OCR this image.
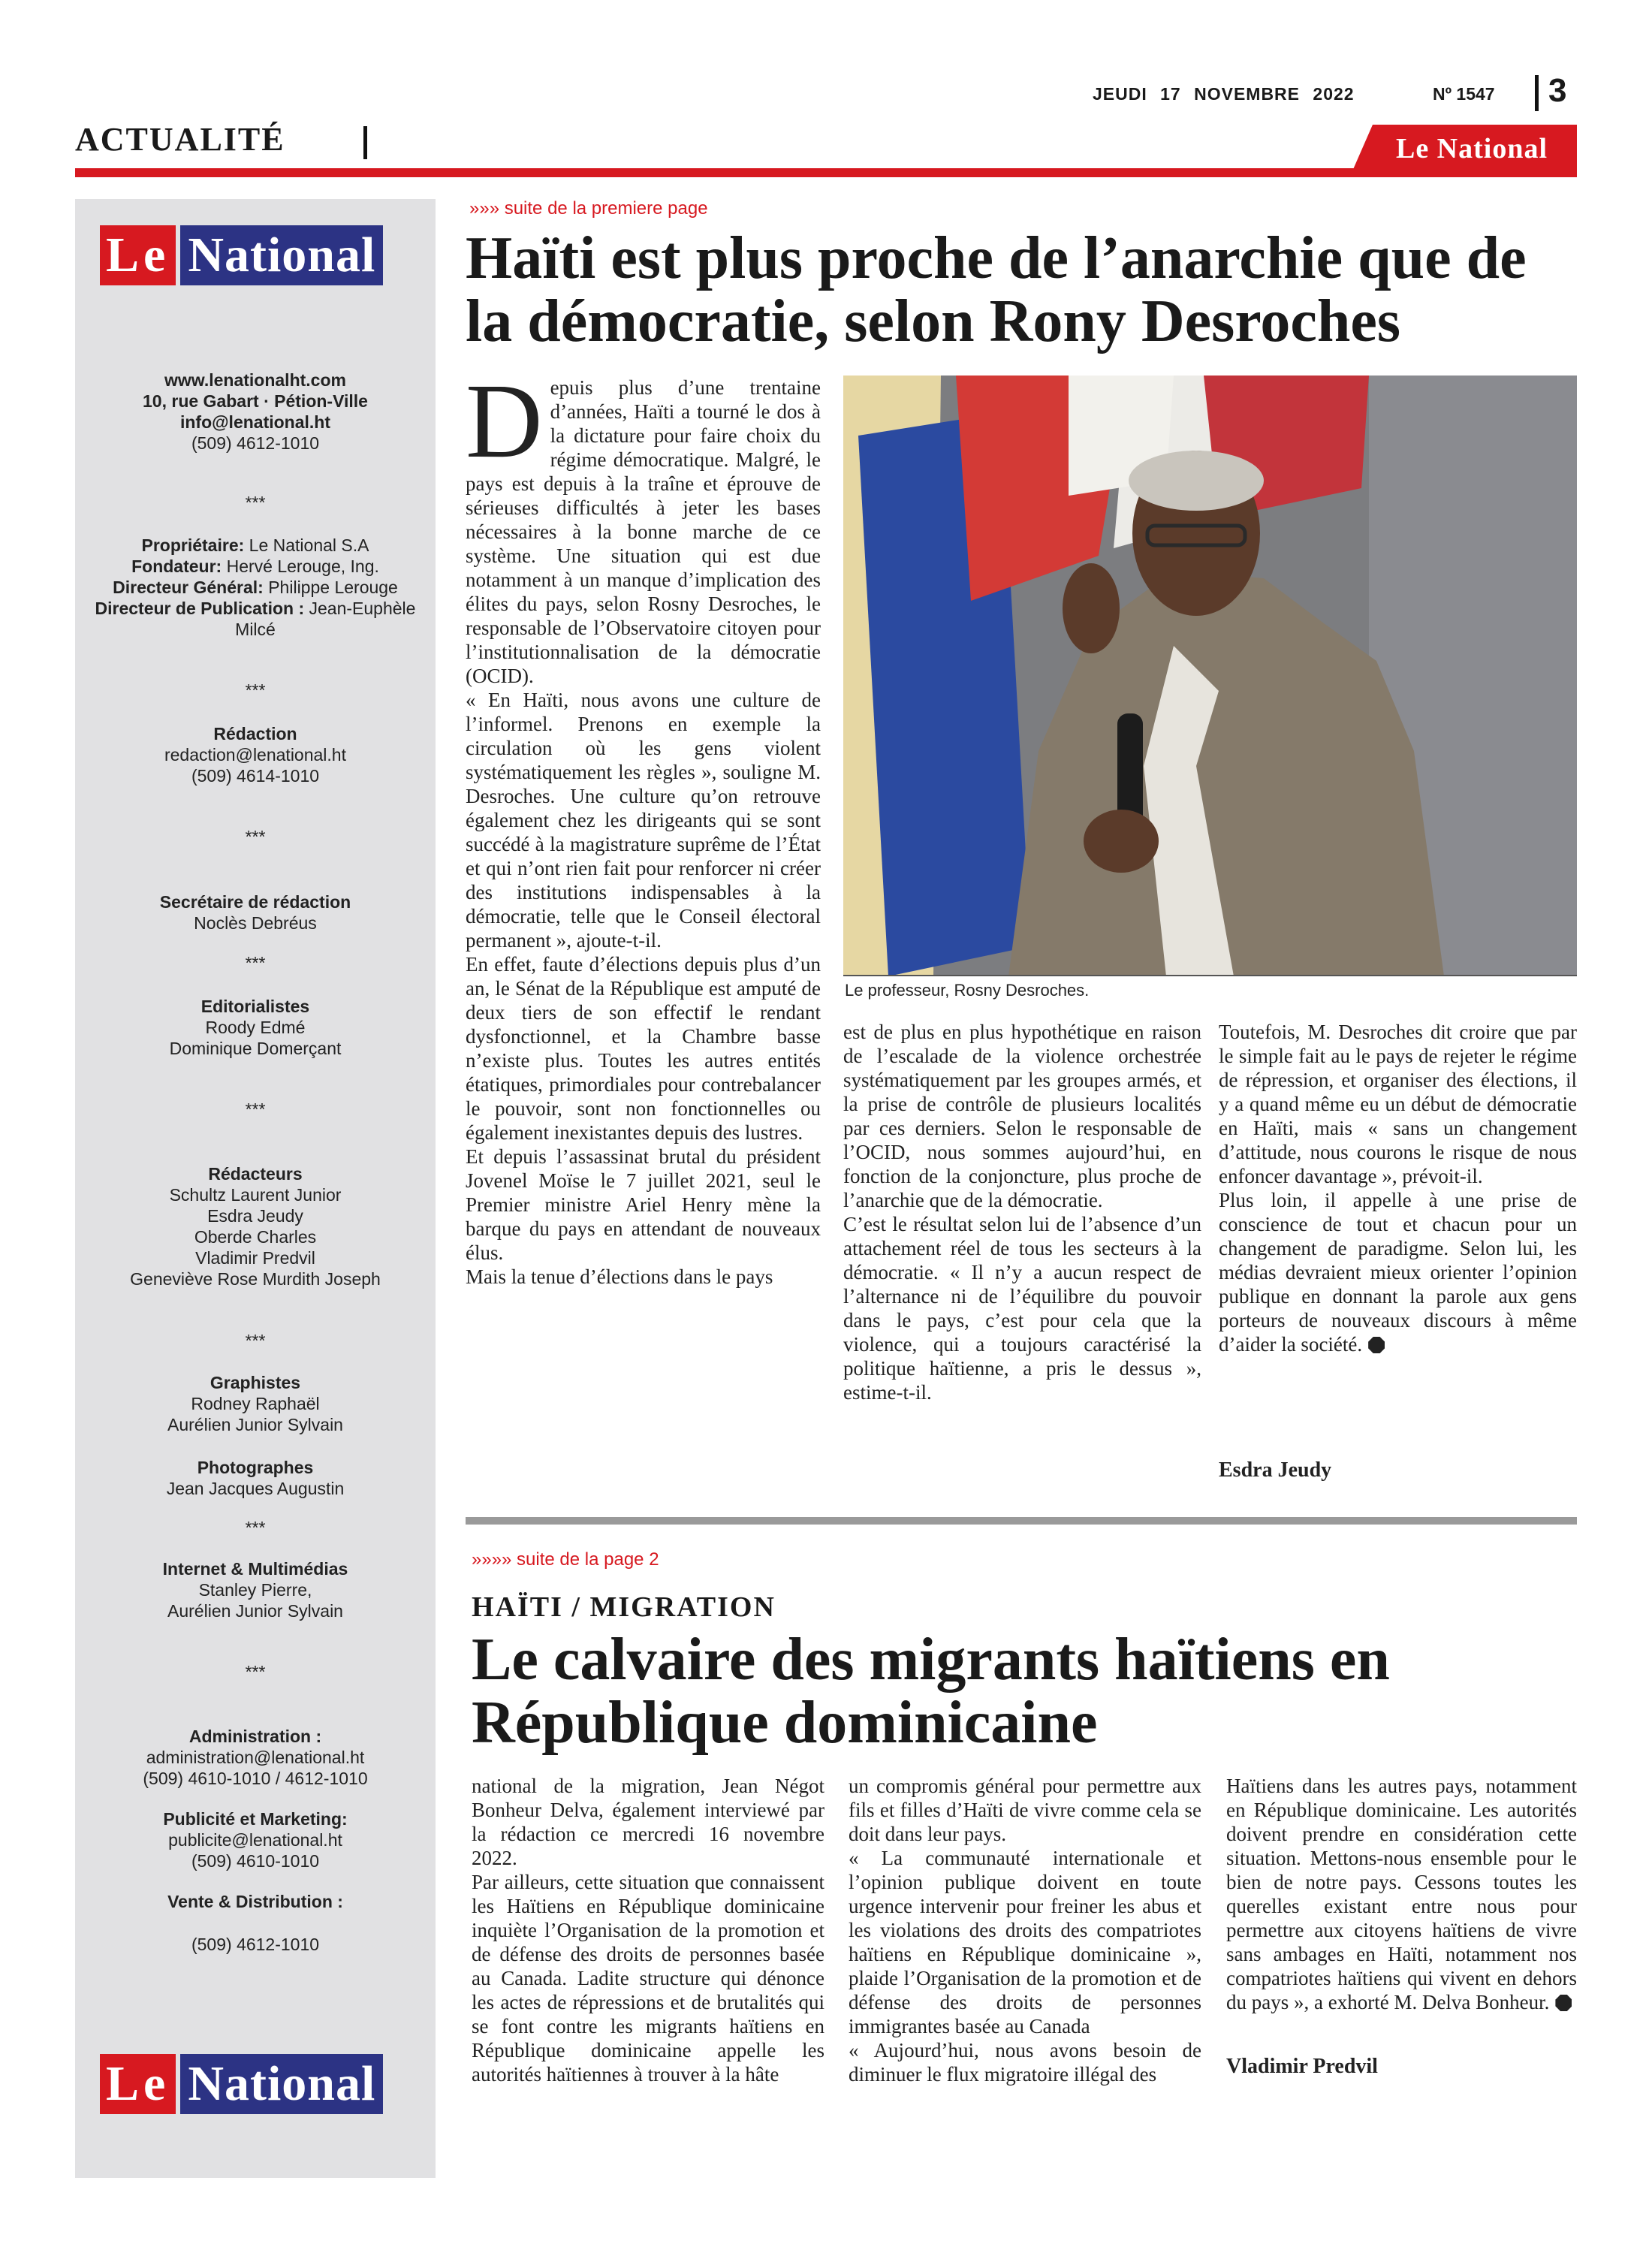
JEUDI 17 NOVEMBRE 2022	Nº 1547 3
ACTUALITÉ	Le National
Le National
www.lenationalht.com
10, rue Gabart · Pétion-Ville
info@lenational.ht
(509) 4612-1010
***
Propriétaire: Le National S.A
Fondateur: Hervé Lerouge, Ing.
Directeur Général: Philippe Lerouge
Directeur de Publication : Jean-Euphèle
Milcé
***
Rédaction
redaction@lenational.ht
(509) 4614-1010
***
Secrétaire de rédaction
Noclès Debréus
***
Editorialistes
Roody Edmé
Dominique Domerçant
***
Rédacteurs
Schultz Laurent Junior
Esdra Jeudy
Oberde Charles
Vladimir Predvil
Geneviève Rose Murdith Joseph
***
Graphistes
Rodney Raphaël
Aurélien Junior Sylvain
Photographes
Jean Jacques Augustin
***
Internet & Multimédias
Stanley Pierre,
Aurélien Junior Sylvain
***
Administration :
administration@lenational.ht
(509) 4610-1010 / 4612-1010
Publicité et Marketing:
publicite@lenational.ht
(509) 4610-1010
Vente & Distribution :
(509) 4612-1010
Le National
»»» suite de la premiere page
Haïti est plus proche de l’anarchie que de la démocratie, selon Rony Desroches

Depuis plus d’une trentaine d’années, Haïti a tourné le dos à la dictature pour faire choix du régime démocratique. Malgré, le pays est depuis à la traîne et éprouve de sérieuses difficultés à jeter les bases nécessaires à la bonne marche de ce système. Une situation qui est due notamment à un manque d’implication des élites du pays, selon Rosny Desroches, le responsable de l’Observatoire citoyen pour l’institutionnalisation de la démocratie (OCID).

« En Haïti, nous avons une culture de l’informel. Prenons en exemple la circulation où les gens violent systématiquement les règles », souligne M. Desroches. Une culture qu’on retrouve également chez les dirigeants qui se sont succédé à la magistrature suprême de l’État et qui n’ont rien fait pour renforcer ni créer des institutions indispensables à la démocratie, telle que le Conseil électoral permanent », ajoute-t-il.

En effet, faute d’élections depuis plus d’un an, le Sénat de la République est amputé de deux tiers de son effectif le rendant dysfonctionnel, et la Chambre basse n’existe plus. Toutes les autres entités étatiques, primordiales pour contrebalancer le pouvoir, sont non fonctionnelles ou également inexistantes depuis des lustres.

Et depuis l’assassinat brutal du président Jovenel Moïse le 7 juillet 2021, seul le Premier ministre Ariel Henry mène la barque du pays en attendant de nouveaux élus.

Mais la tenue d’élections dans le pays

Le professeur, Rosny Desroches.

est de plus en plus hypothétique en raison de l’escalade de la violence orchestrée systématiquement par les groupes armés, et la prise de contrôle de plusieurs localités par ces derniers. Selon le responsable de l’OCID, nous sommes aujourd’hui, en fonction de la conjoncture, plus proche de l’anarchie que de la démocratie.

C’est le résultat selon lui de l’absence d’un attachement réel de tous les secteurs à la démocratie. « Il n’y a aucun respect de l’alternance ni de l’équilibre du pouvoir dans le pays, c’est pour cela que la violence, qui a toujours caractérisé la politique haïtienne, a pris le dessus », estime-t-il.

Toutefois, M. Desroches dit croire que par le simple fait au le pays de rejeter le régime de répression, et organiser des élections, il y a quand même eu un début de démocratie en Haïti, mais « sans un changement d’attitude, nous courons le risque de nous enfoncer davantage », prévoit-il.

Plus loin, il appelle à une prise de conscience de tout et chacun pour un changement de paradigme. Selon lui, les médias devraient mieux orienter l’opinion publique en donnant la parole aux gens porteurs de nouveaux discours à même d’aider la société.

Esdra Jeudy
»»»» suite de la page 2
HAÏTI / MIGRATION
Le calvaire des migrants haïtiens en République dominicaine

national de la migration, Jean Négot Bonheur Delva, également interviewé par la rédaction ce mercredi 16 novembre 2022.

Par ailleurs, cette situation que connaissent les Haïtiens en République dominicaine inquiète l’Organisation de la promotion et de défense des droits de personnes basée au Canada. Ladite structure qui dénonce les actes de répressions et de brutalités qui se font contre les migrants haïtiens en République dominicaine appelle les autorités haïtiennes à trouver à la hâte

un compromis général pour permettre aux fils et filles d’Haïti de vivre comme cela se doit dans leur pays.

« La communauté internationale et l’opinion publique doivent en toute urgence intervenir pour freiner les abus et les violations des droits des compatriotes haïtiens en République dominicaine », plaide l’Organisation de la promotion et de défense des droits de personnes immigrantes basée au Canada

« Aujourd’hui, nous avons besoin de diminuer le flux migratoire illégal des

Haïtiens dans les autres pays, notamment en République dominicaine. Les autorités doivent prendre en considération cette situation. Mettons-nous ensemble pour le bien de notre pays. Cessons toutes les querelles existant entre nous pour permettre aux citoyens haïtiens de vivre sans ambages en Haïti, notamment nos compatriotes haïtiens qui vivent en dehors du pays », a exhorté M. Delva Bonheur.

Vladimir Predvil
